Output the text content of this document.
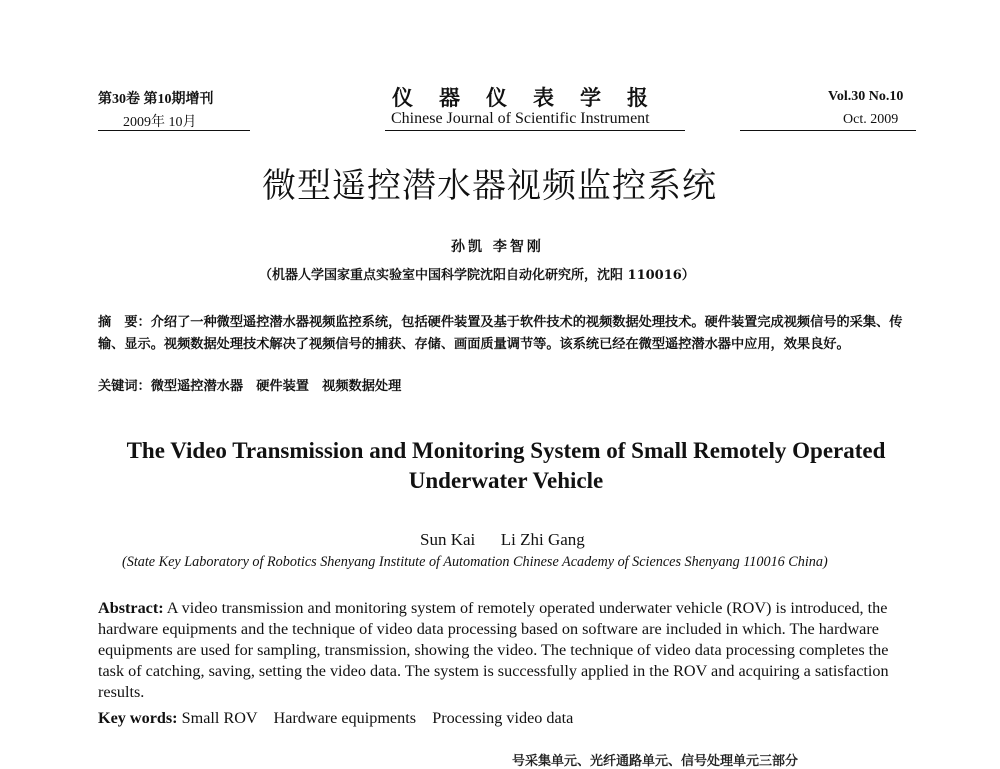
第30卷 第10期增刊
2009年 10月
仪器仪表学报
Chinese Journal of Scientific Instrument
Vol.30 No.10
Oct. 2009
微型遥控潜水器视频监控系统
孙凯 李智刚
（机器人学国家重点实验室中国科学院沈阳自动化研究所，沈阳 110016）
摘　要：介绍了一种微型遥控潜水器视频监控系统，包括硬件装置及基于软件技术的视频数据处理技术。硬件装置完成视频信号的采集、传输、显示。视频数据处理技术解决了视频信号的捕获、存储、画面质量调节等。该系统已经在微型遥控潜水器中应用，效果良好。
关键词：微型遥控潜水器　硬件装置　视频数据处理
The Video Transmission and Monitoring System of Small Remotely Operated
Underwater Vehicle
Sun Kai      Li Zhi Gang
(State Key Laboratory of Robotics Shenyang Institute of Automation Chinese Academy of Sciences Shenyang 110016 China)
Abstract: A video transmission and monitoring system of remotely operated underwater vehicle (ROV) is introduced, the hardware equipments and the technique of video data processing based on software are included in which. The hardware equipments are used for sampling, transmission, showing the video. The technique of video data processing completes the task of catching, saving, setting the video data. The system is successfully applied in the ROV and acquiring a satisfaction results.
Key words: Small ROV    Hardware equipments    Processing video data
号采集单元、光纤通路单元、信号处理单元三部分
